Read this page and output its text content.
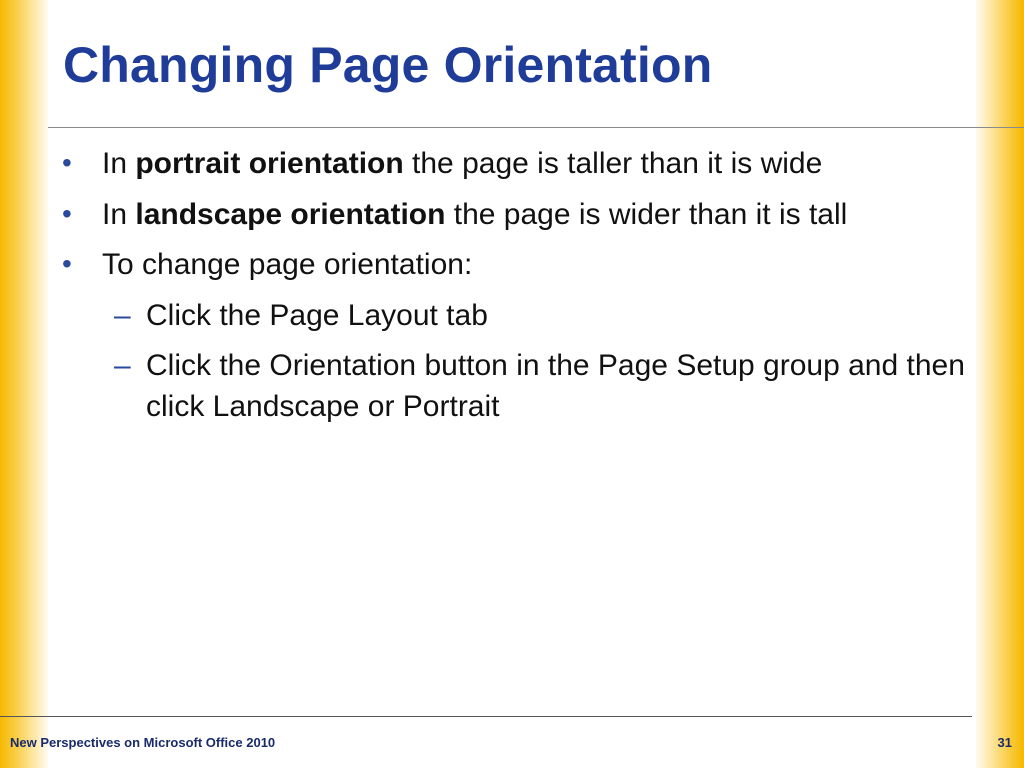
Changing Page Orientation
•	In portrait orientation the page is taller than it is wide
•	In landscape orientation the page is wider than it is tall
•	To change page orientation:
– Click the Page Layout tab
– Click the Orientation button in the Page Setup group and then click Landscape or Portrait
New Perspectives on Microsoft Office 2010	31
